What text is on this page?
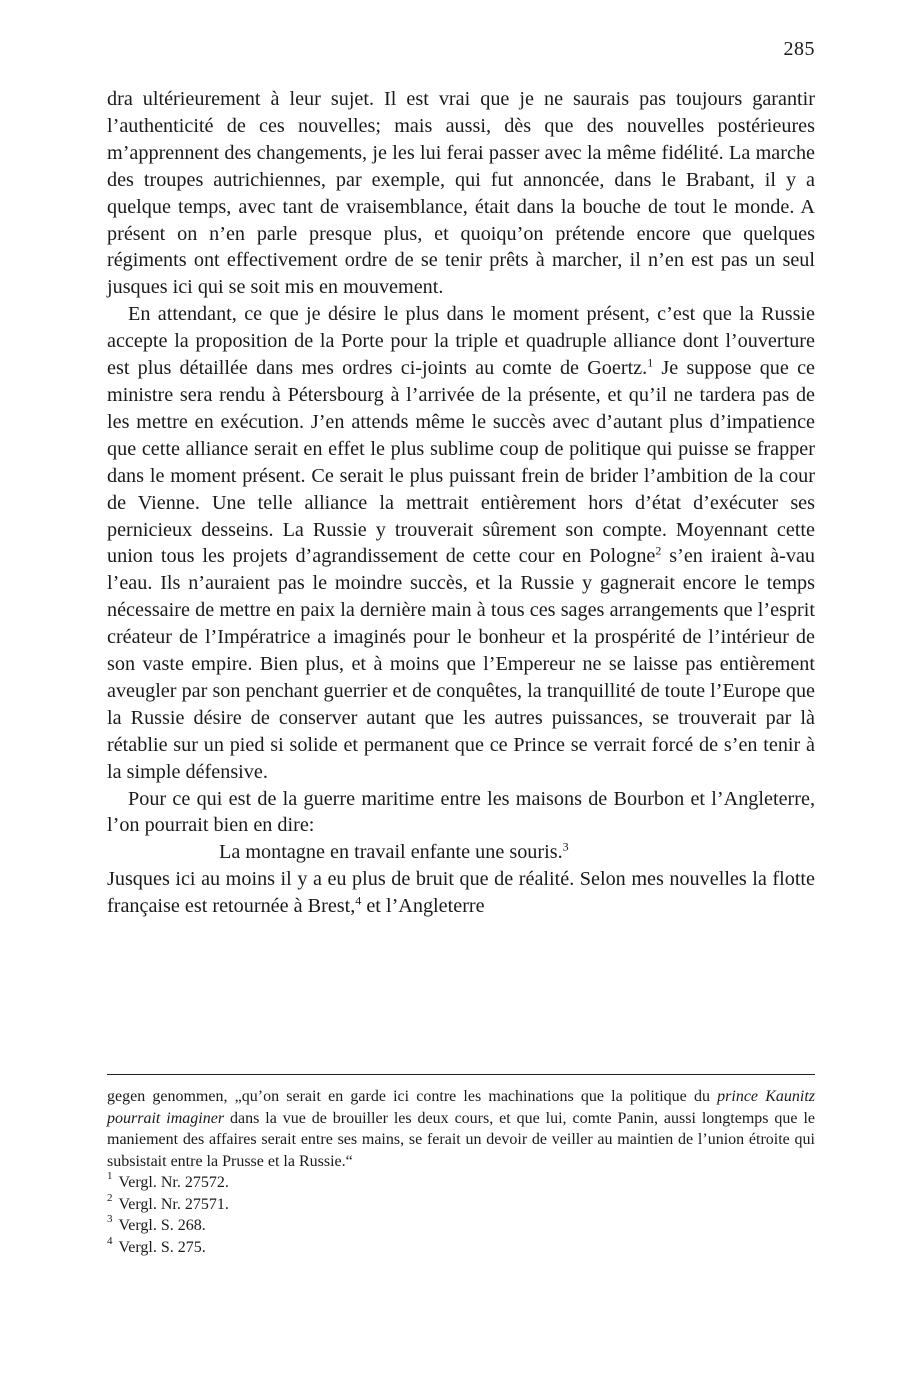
285

dra ultérieurement à leur sujet. Il est vrai que je ne saurais pas toujours garantir l’authenticité de ces nouvelles; mais aussi, dès que des nouvelles postérieures m’apprennent des changements, je les lui ferai passer avec la même fidélité. La marche des troupes autrichiennes, par exemple, qui fut annoncée, dans le Brabant, il y a quelque temps, avec tant de vraisemblance, était dans la bouche de tout le monde. A présent on n’en parle presque plus, et quoiqu’on prétende encore que quelques régiments ont effectivement ordre de se tenir prêts à marcher, il n’en est pas un seul jusques ici qui se soit mis en mouvement.

En attendant, ce que je désire le plus dans le moment présent, c’est que la Russie accepte la proposition de la Porte pour la triple et quadruple alliance dont l’ouverture est plus détaillée dans mes ordres ci-joints au comte de Goertz.$^1$ Je suppose que ce ministre sera rendu à Pétersbourg à l’arrivée de la présente, et qu’il ne tardera pas de les mettre en exécution. J’en attends même le succès avec d’autant plus d’impatience que cette alliance serait en effet le plus sublime coup de politique qui puisse se frapper dans le moment présent. Ce serait le plus puissant frein de brider l’ambition de la cour de Vienne. Une telle alliance la mettrait entièrement hors d’état d’exécuter ses pernicieux desseins. La Russie y trouverait sûrement son compte. Moyennant cette union tous les projets d’agrandissement de cette cour en Pologne$^2$ s’en iraient à-vau l’eau. Ils n’auraient pas le moindre succès, et la Russie y gagnerait encore le temps nécessaire de mettre en paix la dernière main à tous ces sages arrangements que l’esprit créateur de l’Impératrice a imaginés pour le bonheur et la prospérité de l’intérieur de son vaste empire. Bien plus, et à moins que l’Empereur ne se laisse pas entièrement aveugler par son penchant guerrier et de conquêtes, la tranquillité de toute l’Europe que la Russie désire de conserver autant que les autres puissances, se trouverait par là rétablie sur un pied si solide et permanent que ce Prince se verrait forcé de s’en tenir à la simple défensive.

Pour ce qui est de la guerre maritime entre les maisons de Bourbon et l’Angleterre, l’on pourrait bien en dire:

La montagne en travail enfante une souris.$^3$

Jusques ici au moins il y a eu plus de bruit que de réalité. Selon mes nouvelles la flotte française est retournée à Brest,$^4$ et l’Angleterre

gegen genommen, „qu’on serait en garde ici contre les machinations que la politique du prince Kaunitz pourrait imaginer dans la vue de brouiller les deux cours, et que lui, comte Panin, aussi longtemps que le maniement des affaires serait entre ses mains, se ferait un devoir de veiller au maintien de l’union étroite qui subsistait entre la Prusse et la Russie.“

1 Vergl. Nr. 27572.

2 Vergl. Nr. 27571.

3 Vergl. S. 268.

4 Vergl. S. 275.
